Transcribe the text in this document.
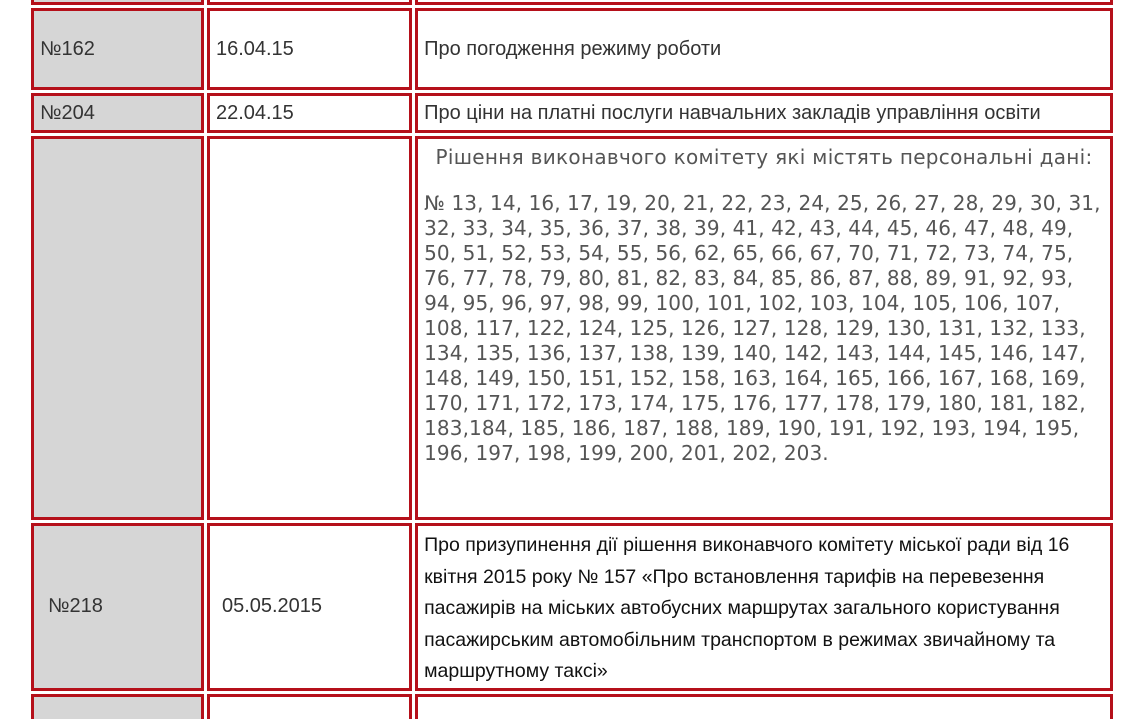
№162	16.04.15	Про погодження режиму роботи
№204	22.04.15	Про ціни на платні послуги навчальних закладів управління освіти

		Рішення виконавчого комітету які містять персональні дані:
№ 13, 14, 16, 17, 19, 20, 21, 22, 23, 24, 25, 26, 27, 28, 29, 30, 31, 32, 33, 34, 35, 36, 37, 38, 39, 41, 42, 43, 44, 45, 46, 47, 48, 49, 50, 51, 52, 53, 54, 55, 56, 62, 65, 66, 67, 70, 71, 72, 73, 74, 75, 76, 77, 78, 79, 80, 81, 82, 83, 84, 85, 86, 87, 88, 89, 91, 92, 93, 94, 95, 96, 97, 98, 99, 100, 101, 102, 103, 104, 105, 106, 107, 108, 117, 122, 124, 125, 126, 127, 128, 129, 130, 131, 132, 133, 134, 135, 136, 137, 138, 139, 140, 142, 143, 144, 145, 146, 147, 148, 149, 150, 151, 152, 158, 163, 164, 165, 166, 167, 168, 169, 170, 171, 172, 173, 174, 175, 176, 177, 178, 179, 180, 181, 182, 183,184, 185, 186, 187, 188, 189, 190, 191, 192, 193, 194, 195, 196, 197, 198, 199, 200, 201, 202, 203.

№218	05.05.2015	Про призупинення дії рішення виконавчого комітету міської ради від 16 квітня 2015 року № 157 «Про встановлення тарифів на перевезення пасажирів на міських автобусних маршрутах загального користування пасажирським автомобільним транспортом в режимах звичайному та маршрутному таксі»
